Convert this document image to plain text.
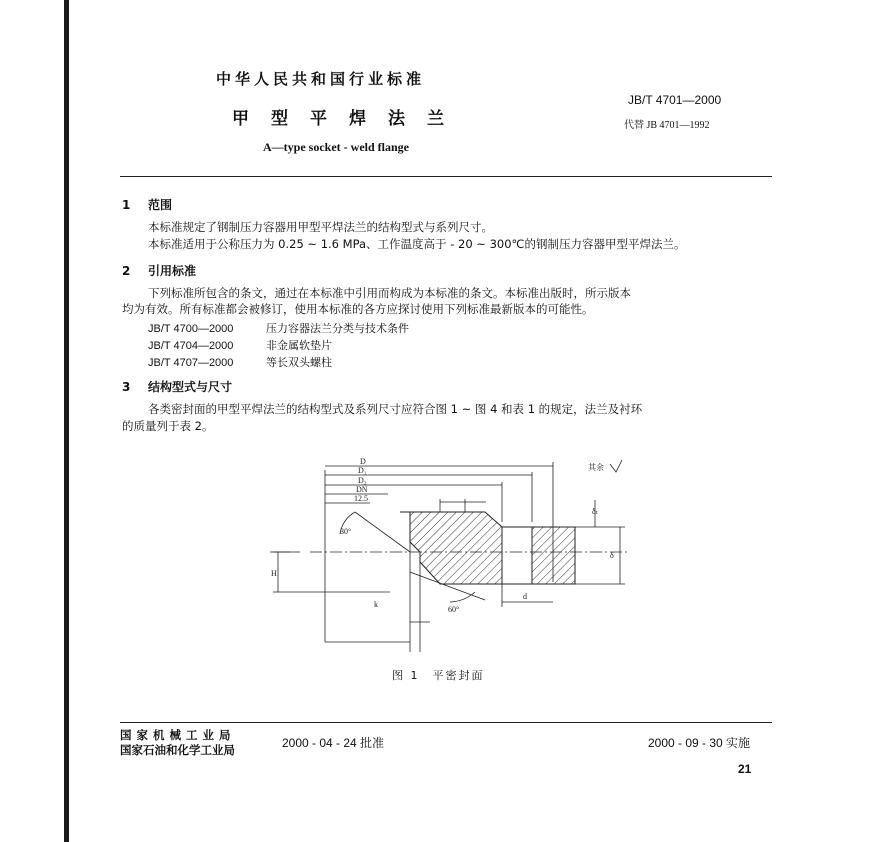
中华人民共和国行业标准
甲型平焊法兰
A—type socket - weld flange
JB/T 4701—2000
代替 JB 4701—1992
1 范围
本标准规定了钢制压力容器用甲型平焊法兰的结构型式与系列尺寸。
本标准适用于公称压力为 0.25 ~ 1.6 MPa、工作温度高于 - 20 ~ 300℃的钢制压力容器甲型平焊法兰。
2 引用标准
下列标准所包含的条文，通过在本标准中引用而构成为本标准的条文。本标准出版时，所示版本
均为有效。所有标准都会被修订，使用本标准的各方应探讨使用下列标准最新版本的可能性。
JB/T 4700—2000	压力容器法兰分类与技术条件
JB/T 4704—2000	非金属软垫片
JB/T 4707—2000	等长双头螺柱
3 结构型式与尺寸
各类密封面的甲型平焊法兰的结构型式及系列尺寸应符合图 1 ~ 图 4 和表 1 的规定，法兰及衬环
的质量列于表 2。
D
D₁
D₂
DN
12.5
30°
60°
d
δ
δₜ
H
k
其余
图 1　平密封面
国家机械工业局
国家石油和化学工业局	2000 - 04 - 24 批准	2000 - 09 - 30 实施
21
